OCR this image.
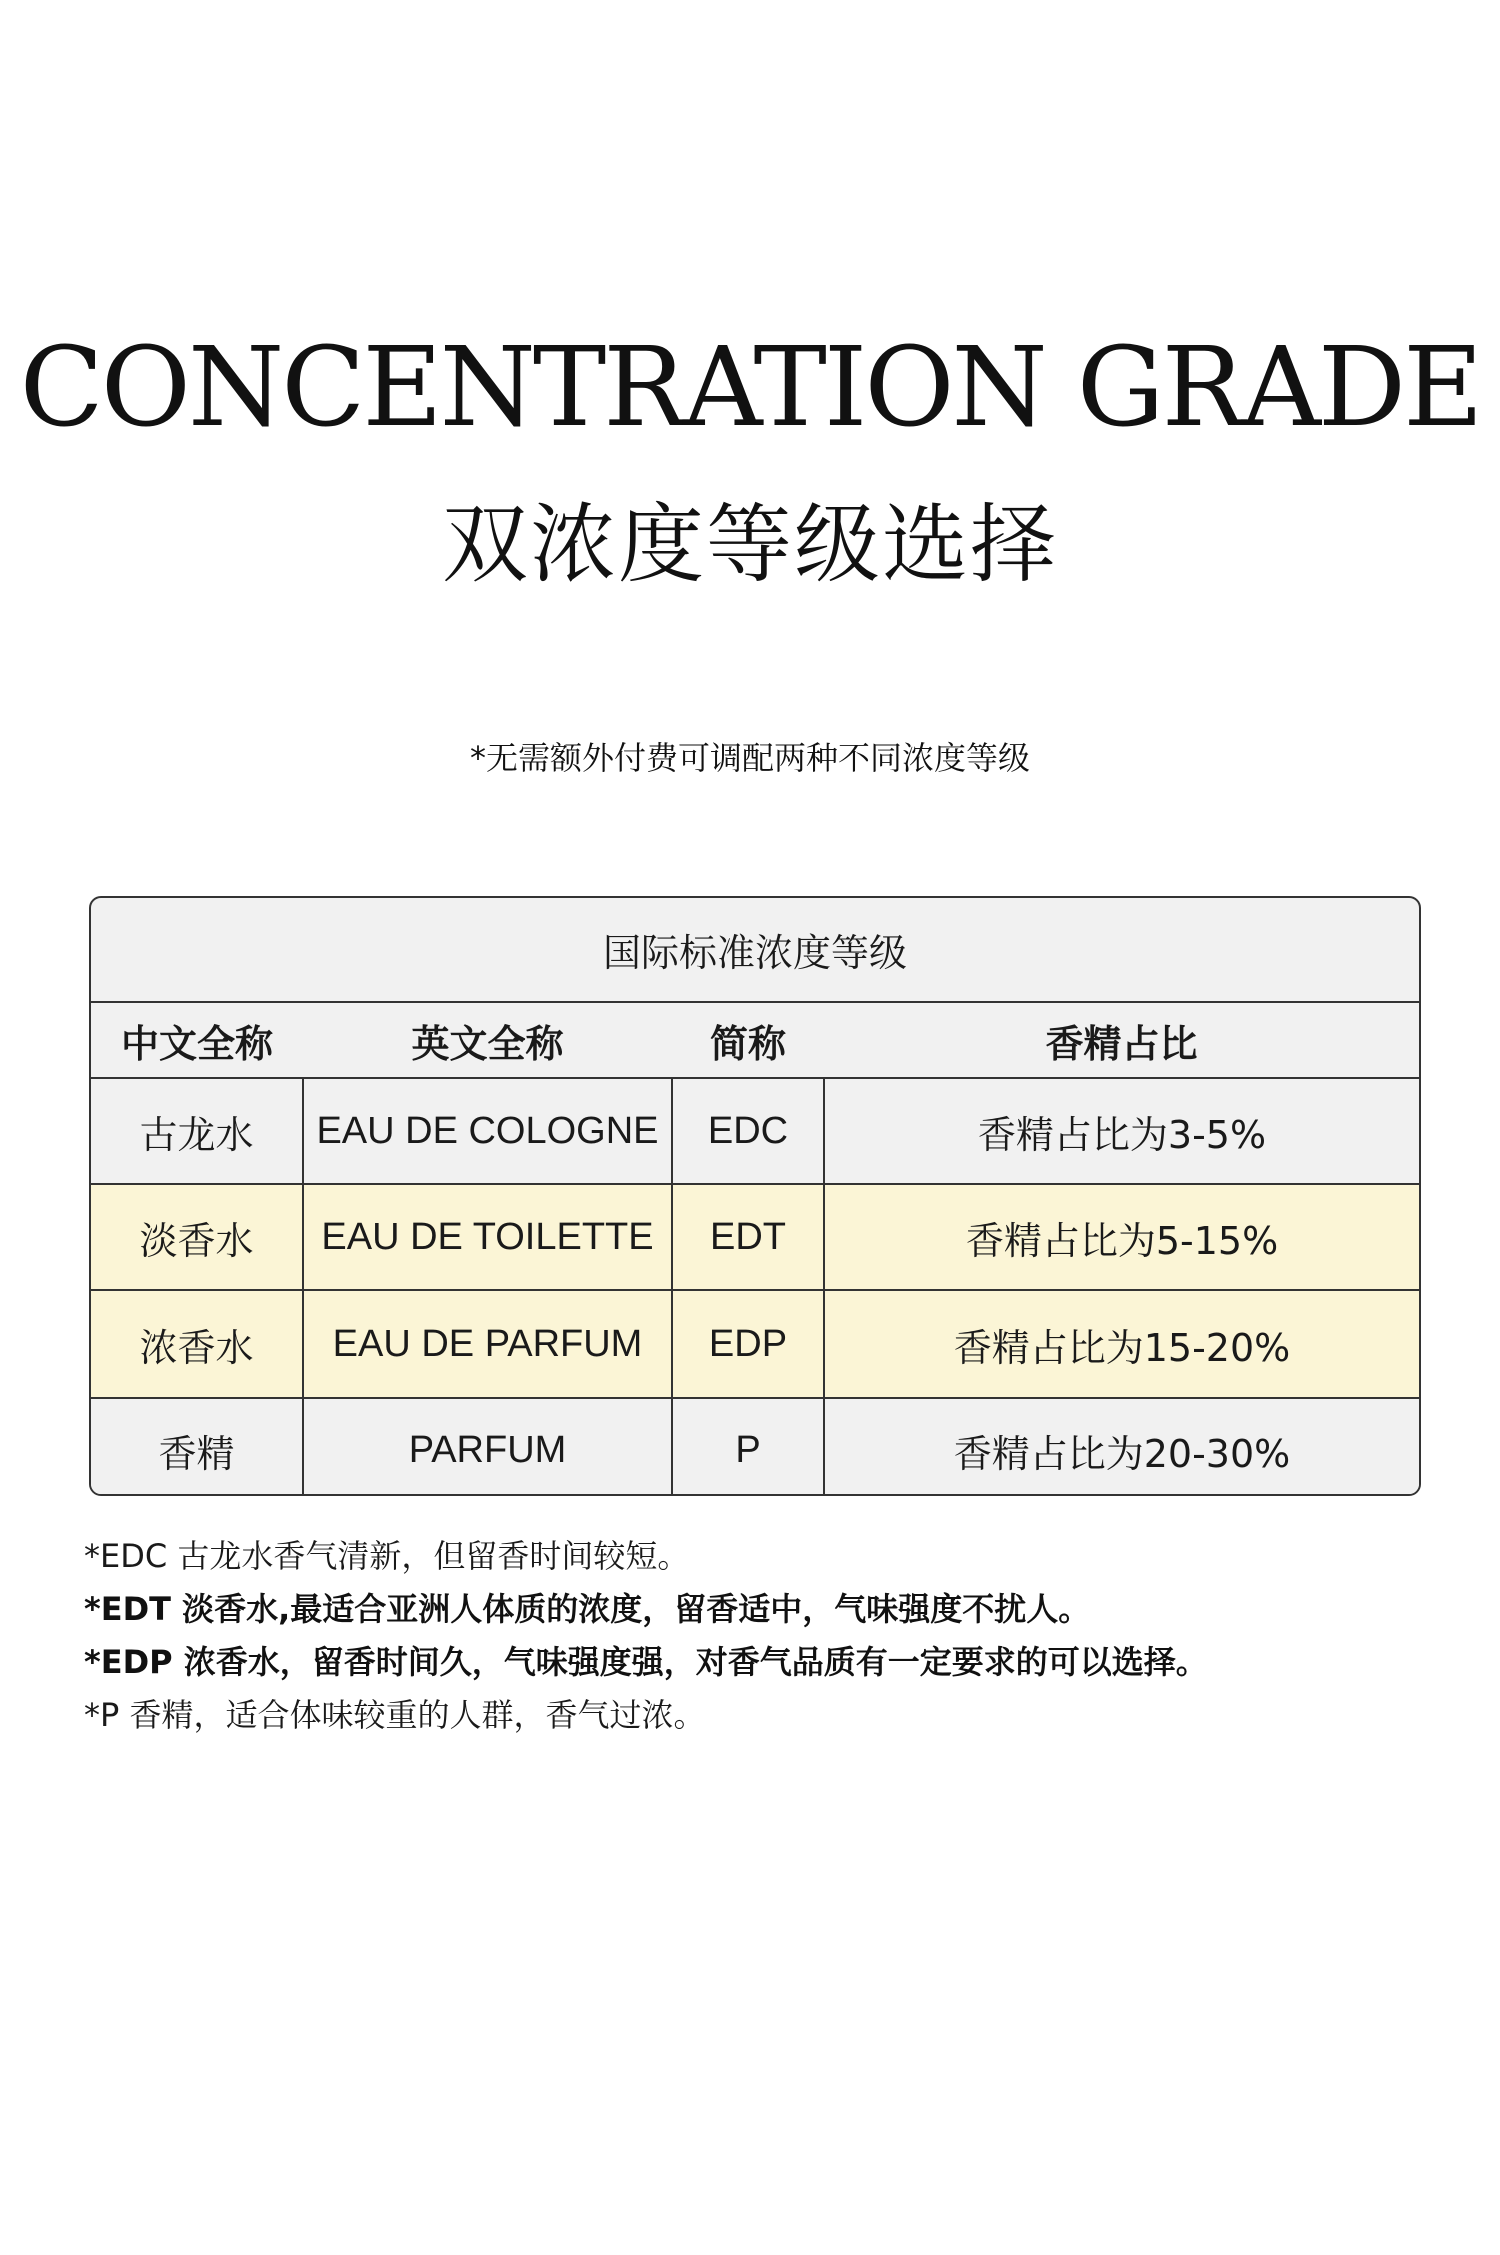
CONCENTRATION GRADE
双浓度等级选择
*无需额外付费可调配两种不同浓度等级
国际标准浓度等级			
中文全称	英文全称	简称	香精占比
古龙水	EAU DE COLOGNE	EDC	香精占比为3-5%
淡香水	EAU DE TOILETTE	EDT	香精占比为5-15%
浓香水	EAU DE PARFUM	EDP	香精占比为15-20%
香精	PARFUM	P	香精占比为20-30%
*EDC 古龙水香气清新，但留香时间较短。
*EDT 淡香水,最适合亚洲人体质的浓度，留香适中，气味强度不扰人。
*EDP 浓香水，留香时间久，气味强度强，对香气品质有一定要求的可以选择。
*P 香精，适合体味较重的人群，香气过浓。
